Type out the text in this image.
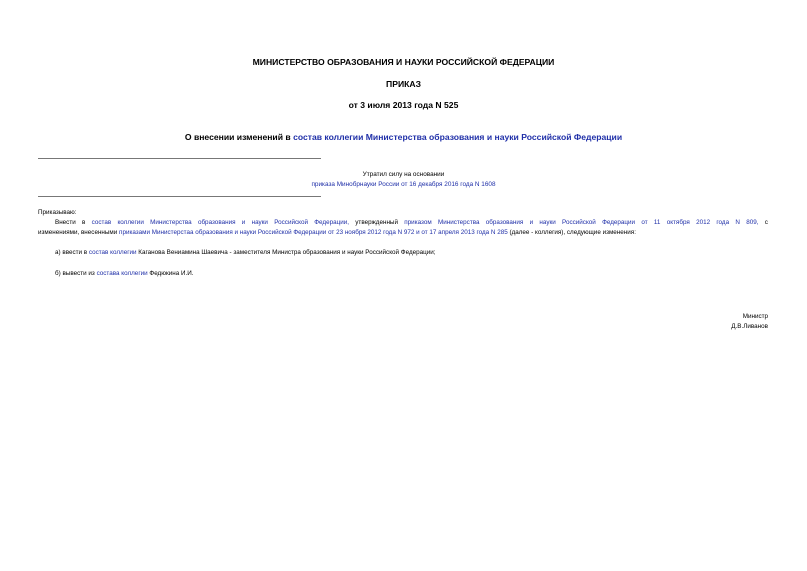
МИНИСТЕРСТВО ОБРАЗОВАНИЯ И НАУКИ РОССИЙСКОЙ ФЕДЕРАЦИИ
ПРИКАЗ
от 3 июля 2013 года N 525
О внесении изменений в состав коллегии Министерства образования и науки Российской Федерации
Утратил силу на основании
приказа Минобрнауки России от 16 декабря 2016 года N 1608
Приказываю:
Внести в состав коллегии Министерства образования и науки Российской Федерации, утвержденный приказом Министерства образования и науки Российской Федерации от 11 октября 2012 года N 809, с
изменениями, внесенными приказами Министерстаа образования и науки Российской Федерации от 23 ноября 2012 года N 972 и от 17 апреля 2013 года N 285 (далее - коллегия), следующие изменения:
а) ввести в состав коллегии Каганова Вениамина Шаевича - заместителя Министра образования и науки Российской Федерации;
б) вывести из состава коллегии Федюкина И.И.
Министр
Д.В.Ливанов
